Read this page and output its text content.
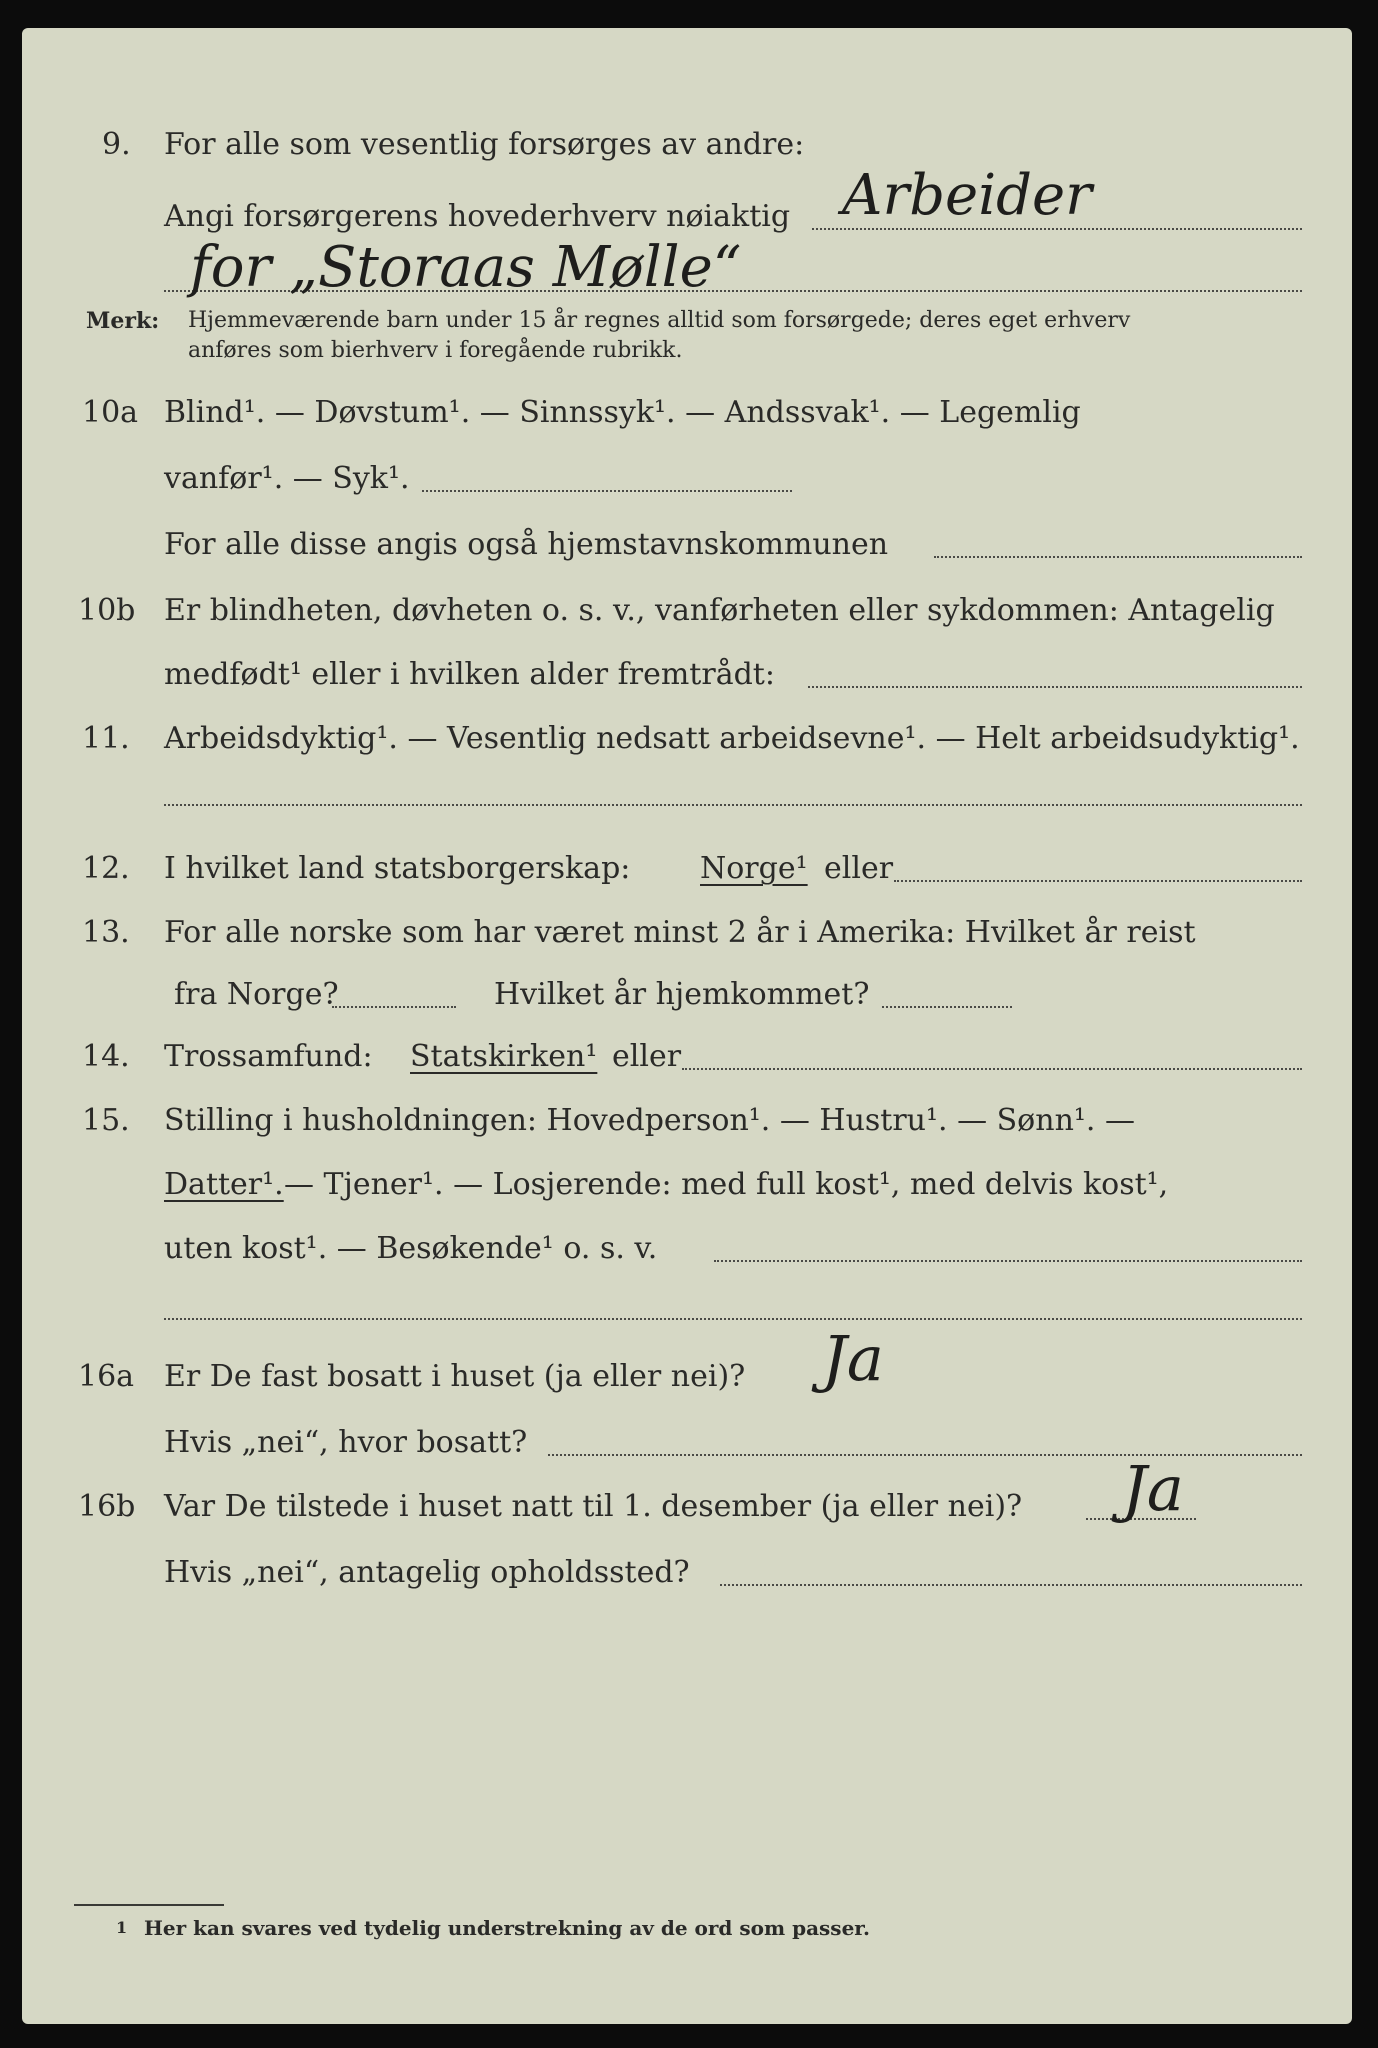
9. For alle som vesentlig forsørges av andre:
Angi forsørgerens hovederhverv nøiaktig Arbeider
for „Storaas Mølle“
Merk: Hjemmeværende barn under 15 år regnes alltid som forsørgede; deres eget erhverv
anføres som bierhverv i foregående rubrikk.
10a Blind¹. — Døvstum¹. — Sinnssyk¹. — Andssvak¹. — Legemlig
vanfør¹. — Syk¹.
For alle disse angis også hjemstavnskommunen
10b Er blindheten, døvheten o. s. v., vanførheten eller sykdommen: Antagelig
medfødt¹ eller i hvilken alder fremtrådt:
11. Arbeidsdyktig¹. — Vesentlig nedsatt arbeidsevne¹. — Helt arbeidsudyktig¹.
12. I hvilket land statsborgerskap: Norge¹ eller
13. For alle norske som har været minst 2 år i Amerika: Hvilket år reist
fra Norge?	Hvilket år hjemkommet?
14. Trossamfund: Statskirken¹ eller
15. Stilling i husholdningen: Hovedperson¹. — Hustru¹. — Sønn¹. —
Datter¹. — Tjener¹. — Losjerende: med full kost¹, med delvis kost¹,
uten kost¹. — Besøkende¹ o. s. v.
16a Er De fast bosatt i huset (ja eller nei)? Ja
Hvis „nei“, hvor bosatt?
16b Var De tilstede i huset natt til 1. desember (ja eller nei)? Ja
Hvis „nei“, antagelig opholdssted?
1 Her kan svares ved tydelig understrekning av de ord som passer.
